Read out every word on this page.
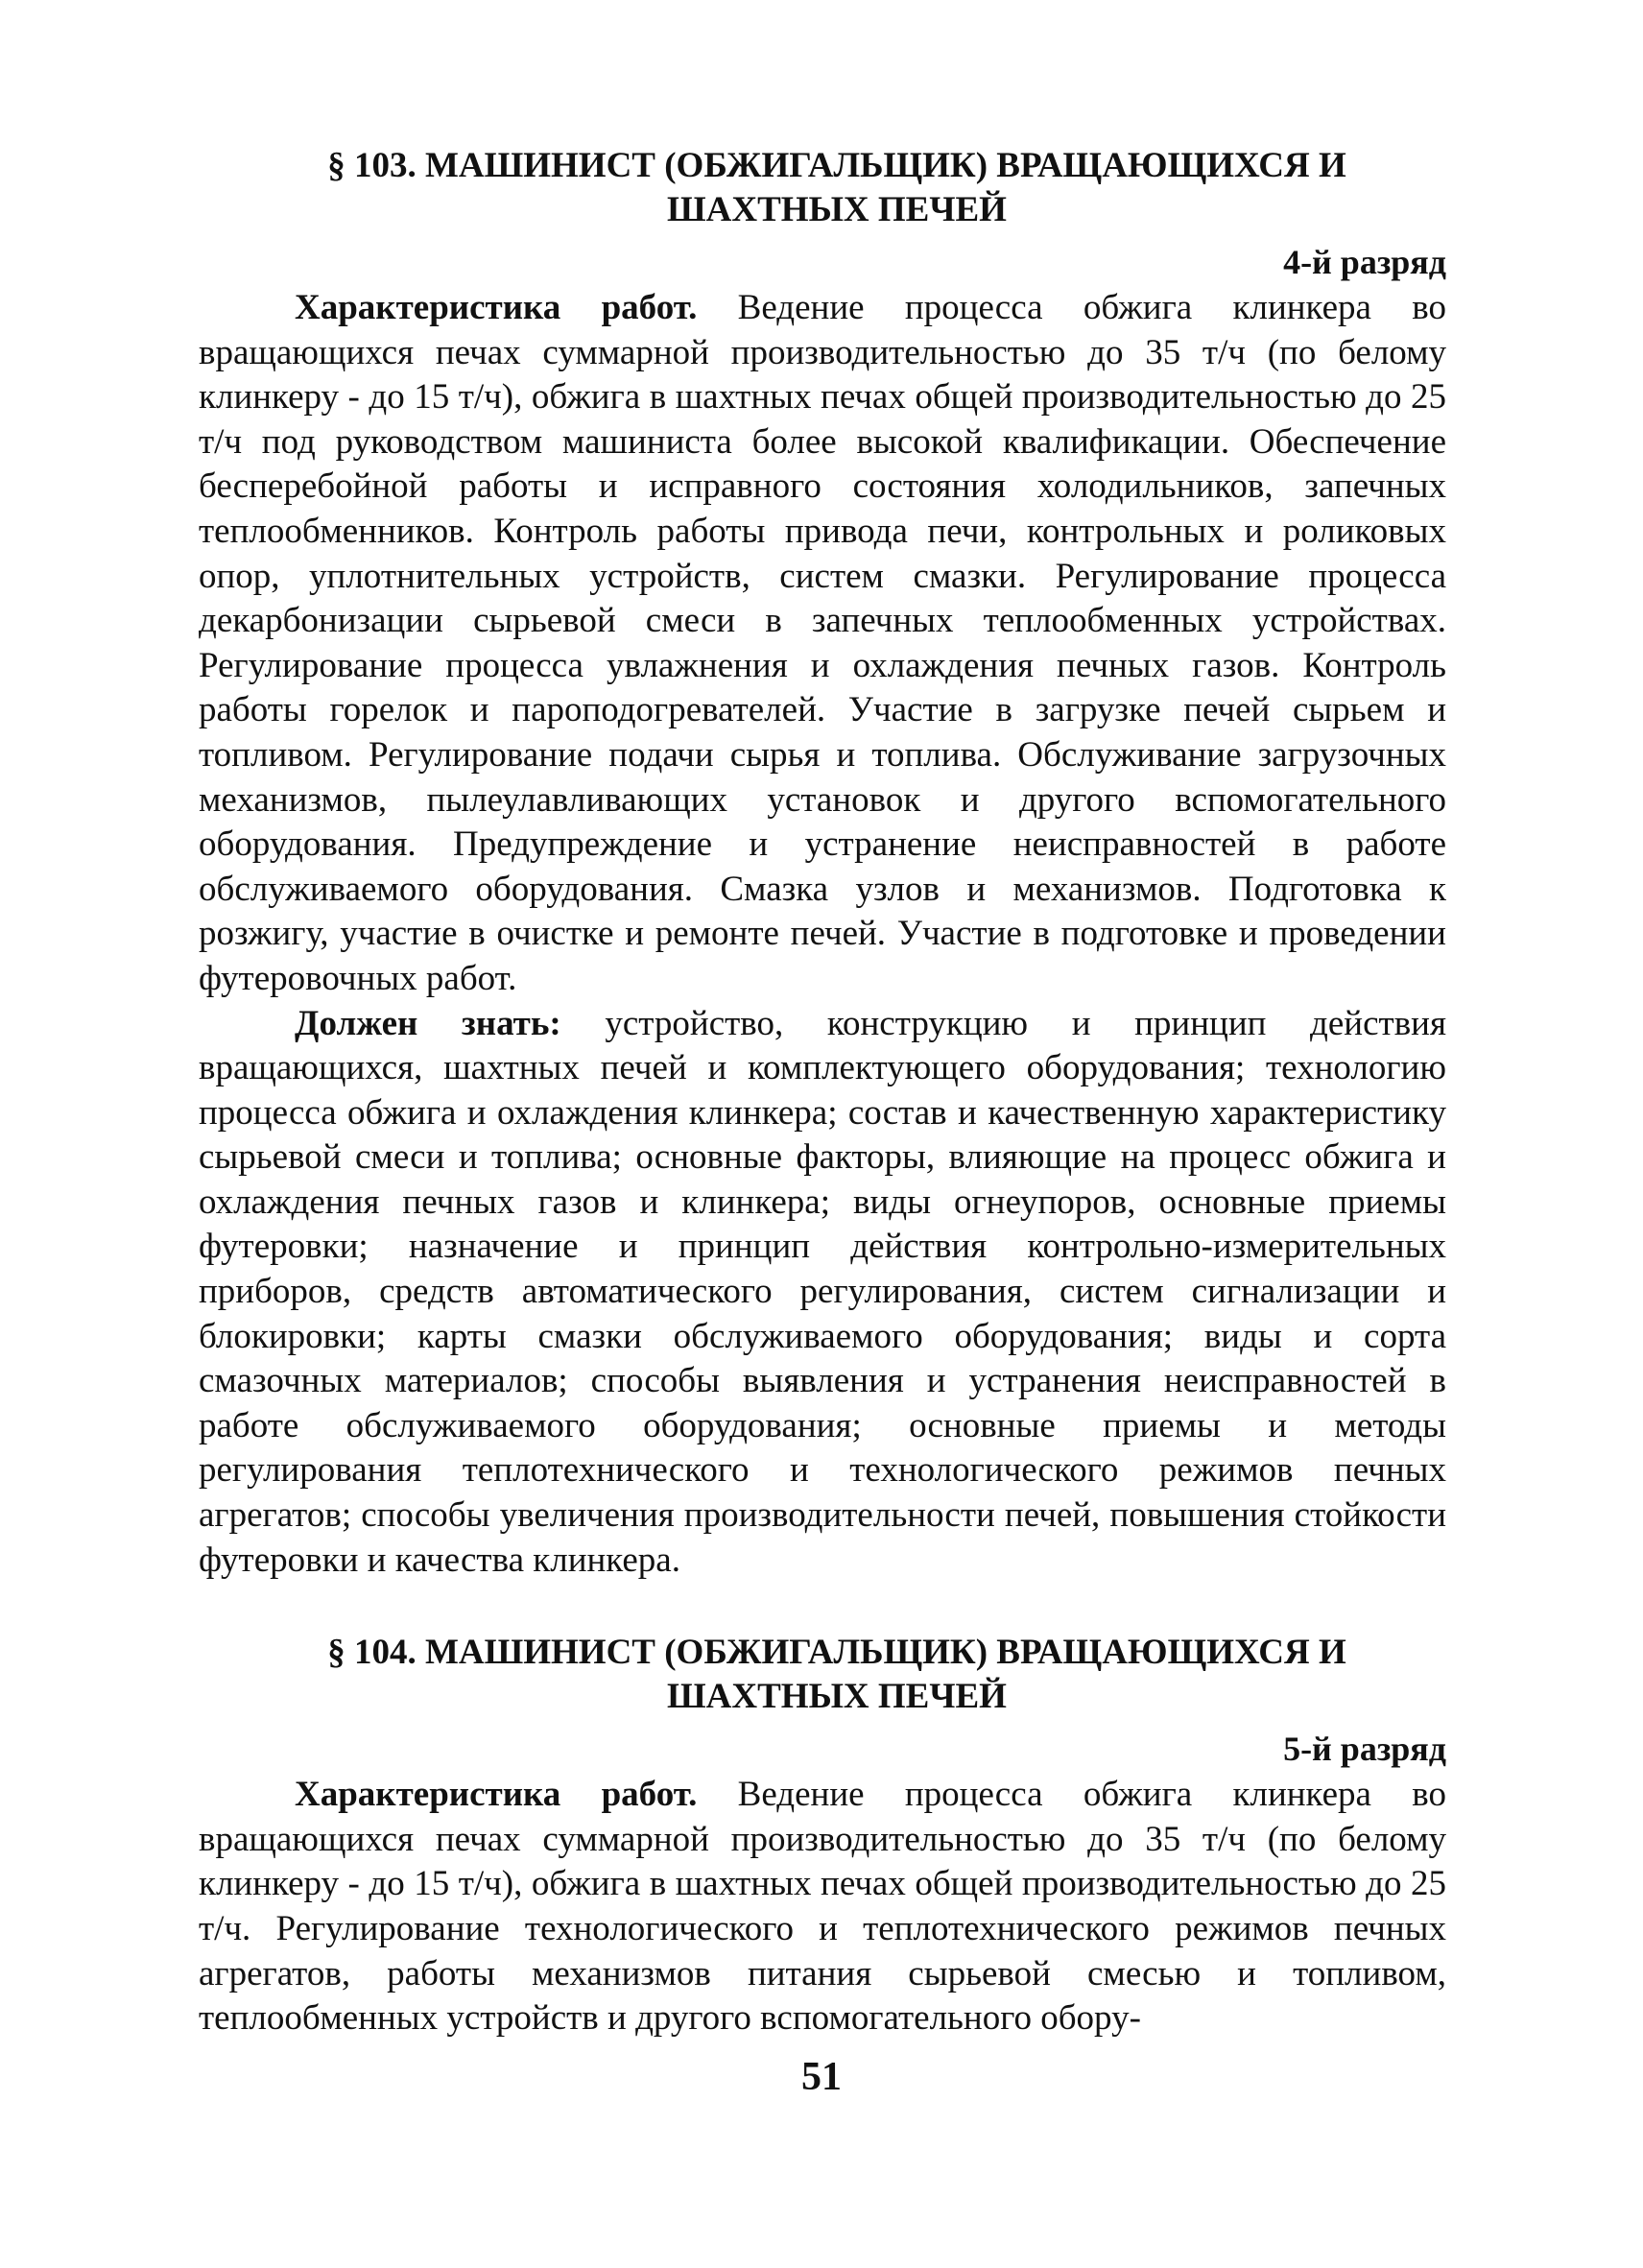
§ 103. МАШИНИСТ (ОБЖИГАЛЬЩИК) ВРАЩАЮЩИХСЯ И
ШАХТНЫХ ПЕЧЕЙ
4-й разряд

Характеристика работ. Ведение процесса обжига клинкера во вращающихся печах суммарной производительностью до 35 т/ч (по белому клинкеру - до 15 т/ч), обжига в шахтных печах общей производительностью до 25 т/ч под руководством машиниста более высокой квалификации. Обеспечение бесперебойной работы и исправного состояния холодильников, запечных теплообменников. Контроль работы привода печи, контрольных и роликовых опор, уплотнительных устройств, систем смазки. Регулирование процесса декарбонизации сырьевой смеси в запечных теплообменных устройствах. Регулирование процесса увлажнения и охлаждения печных газов. Контроль работы горелок и пароподогревателей. Участие в загрузке печей сырьем и топливом. Регулирование подачи сырья и топлива. Обслуживание загрузочных механизмов, пылеулавливающих установок и другого вспомогательного оборудования. Предупреждение и устранение неисправностей в работе обслуживаемого оборудования. Смазка узлов и механизмов. Подготовка к розжигу, участие в очистке и ремонте печей. Участие в подготовке и проведении футеровочных работ.

Должен знать: устройство, конструкцию и принцип действия вращающихся, шахтных печей и комплектующего оборудования; технологию процесса обжига и охлаждения клинкера; состав и качественную характеристику сырьевой смеси и топлива; основные факторы, влияющие на процесс обжига и охлаждения печных газов и клинкера; виды огнеупоров, основные приемы футеровки; назначение и принцип действия контрольно-измерительных приборов, средств автоматического регулирования, систем сигнализации и блокировки; карты смазки обслуживаемого оборудования; виды и сорта смазочных материалов; способы выявления и устранения неисправностей в работе обслуживаемого оборудования; основные приемы и методы регулирования теплотехнического и технологического режимов печных агрегатов; способы увеличения производительности печей, повышения стойкости футеровки и качества клинкера.

§ 104. МАШИНИСТ (ОБЖИГАЛЬЩИК) ВРАЩАЮЩИХСЯ И
ШАХТНЫХ ПЕЧЕЙ
5-й разряд

Характеристика работ. Ведение процесса обжига клинкера во вращающихся печах суммарной производительностью до 35 т/ч (по белому клинкеру - до 15 т/ч), обжига в шахтных печах общей производительностью до 25 т/ч. Регулирование технологического и теплотехнического режимов печных агрегатов, работы механизмов питания сырьевой смесью и топливом, теплообменных устройств и другого вспомогательного обору-

51
